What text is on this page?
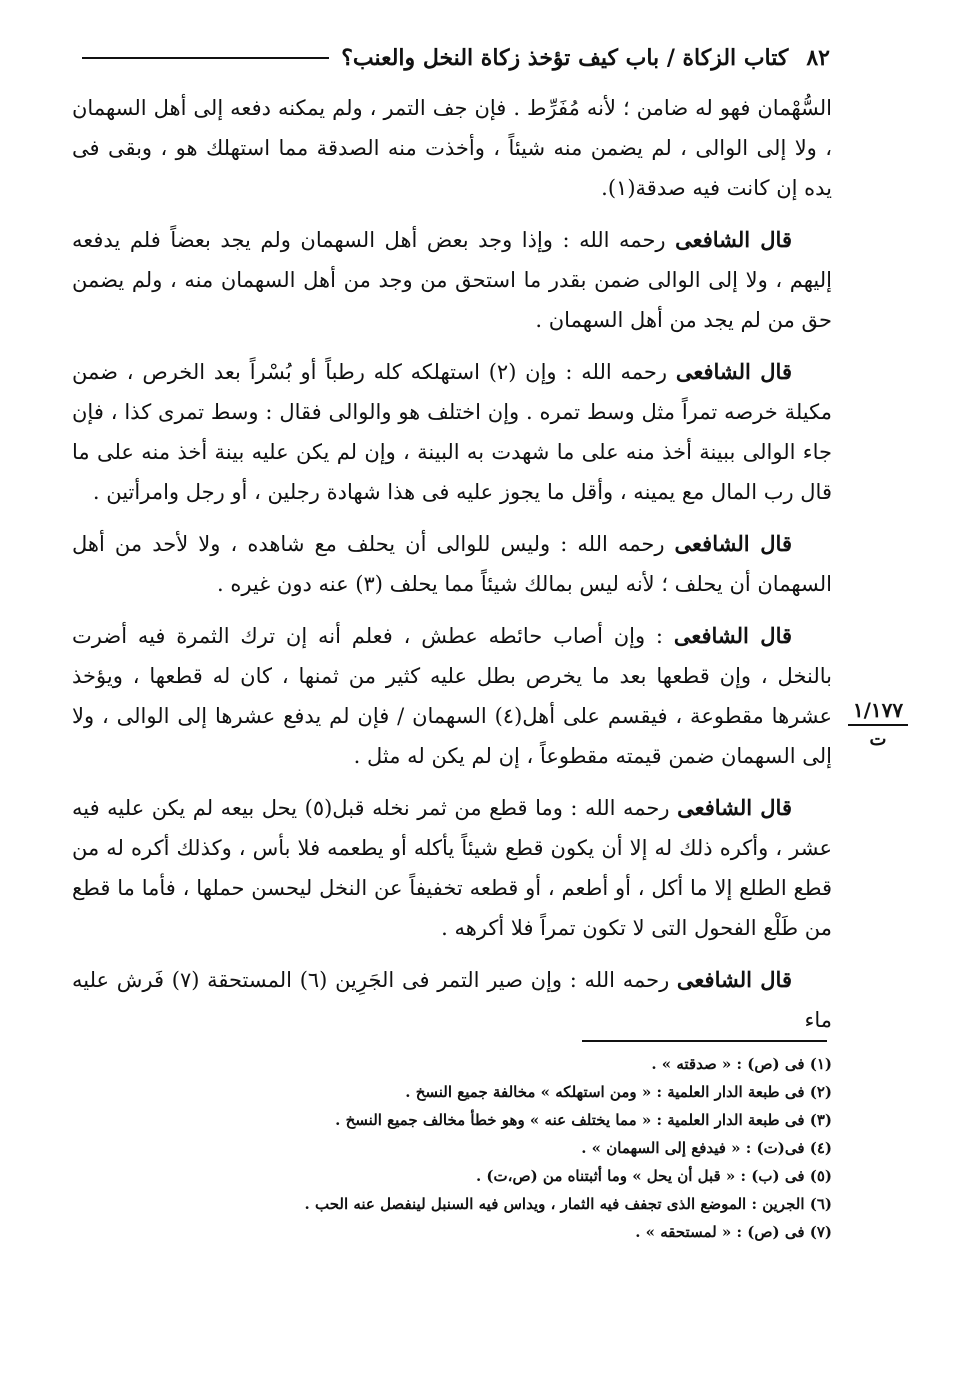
٨٢
كتاب الزكاة / باب كيف تؤخذ زكاة النخل والعنب؟

السُّهْمان فهو له ضامن ؛ لأنه مُفَرِّط . فإن جف التمر ، ولم يمكنه دفعه إلى أهل السهمان ، ولا إلى الوالى ، لم يضمن منه شيئاً ، وأخذت منه الصدقة مما استهلك هو ، وبقى فى يده إن كانت فيه صدقة(١).

قال الشافعى رحمه الله : وإذا وجد بعض أهل السهمان ولم يجد بعضاً فلم يدفعه إليهم ، ولا إلى الوالى ضمن بقدر ما استحق من وجد من أهل السهمان منه ، ولم يضمن حق من لم يجد من أهل السهمان .

قال الشافعى رحمه الله : وإن (٢) استهلكه كله رطباً أو بُسْراً بعد الخرص ، ضمن مكيلة خرصه تمراً مثل وسط تمره . وإن اختلف هو والوالى فقال : وسط تمرى كذا ، فإن جاء الوالى ببينة أخذ منه على ما شهدت به البينة ، وإن لم يكن عليه بينة أخذ منه على ما قال رب المال مع يمينه ، وأقل ما يجوز عليه فى هذا شهادة رجلين ، أو رجل وامرأتين .

قال الشافعى رحمه الله : وليس للوالى أن يحلف مع شاهده ، ولا لأحد من أهل السهمان أن يحلف ؛ لأنه ليس بمالك شيئاً مما يحلف (٣) عنه دون غيره .

قال الشافعى : وإن أصاب حائطه عطش ، فعلم أنه إن ترك الثمرة فيه أضرت بالنخل ، وإن قطعها بعد ما يخرص بطل عليه كثير من ثمنها ، كان له قطعها ، ويؤخذ عشرها مقطوعة ، فيقسم على أهل(٤) السهمان / فإن لم يدفع عشرها إلى الوالى ، ولا إلى السهمان ضمن قيمته مقطوعاً ، إن لم يكن له مثل .

قال الشافعى رحمه الله : وما قطع من ثمر نخله قبل(٥) يحل بيعه لم يكن عليه فيه عشر ، وأكره ذلك له إلا أن يكون قطع شيئاً يأكله أو يطعمه فلا بأس ، وكذلك أكره له من قطع الطلع إلا ما أكل ، أو أطعم ، أو قطعه تخفيفاً عن النخل ليحسن حملها ، فأما ما قطع من طَلْع الفحول التى لا تكون تمراً فلا أكرهه .

قال الشافعى رحمه الله : وإن صير التمر فى الجَرِين (٦) المستحقة (٧) فَرش عليه ماء

١/١٧٧
ت

(١) فى (ص) : « صدقته » .

(٢) فى طبعة الدار العلمية : « ومن استهلكه » مخالفة جميع النسخ .

(٣) فى طبعة الدار العلمية : « مما يختلف عنه » وهو خطأ مخالف جميع النسخ .

(٤) فى(ت) : « فيدفع إلى السهمان » .

(٥) فى (ب) : « قبل أن يحل » وما أثبتناه من (ص،ت) .

(٦) الجرين : الموضع الذى تجفف فيه الثمار ، ويداس فيه السنبل لينفصل عنه الحب .

(٧) فى (ص) : « لمستحقه » .
